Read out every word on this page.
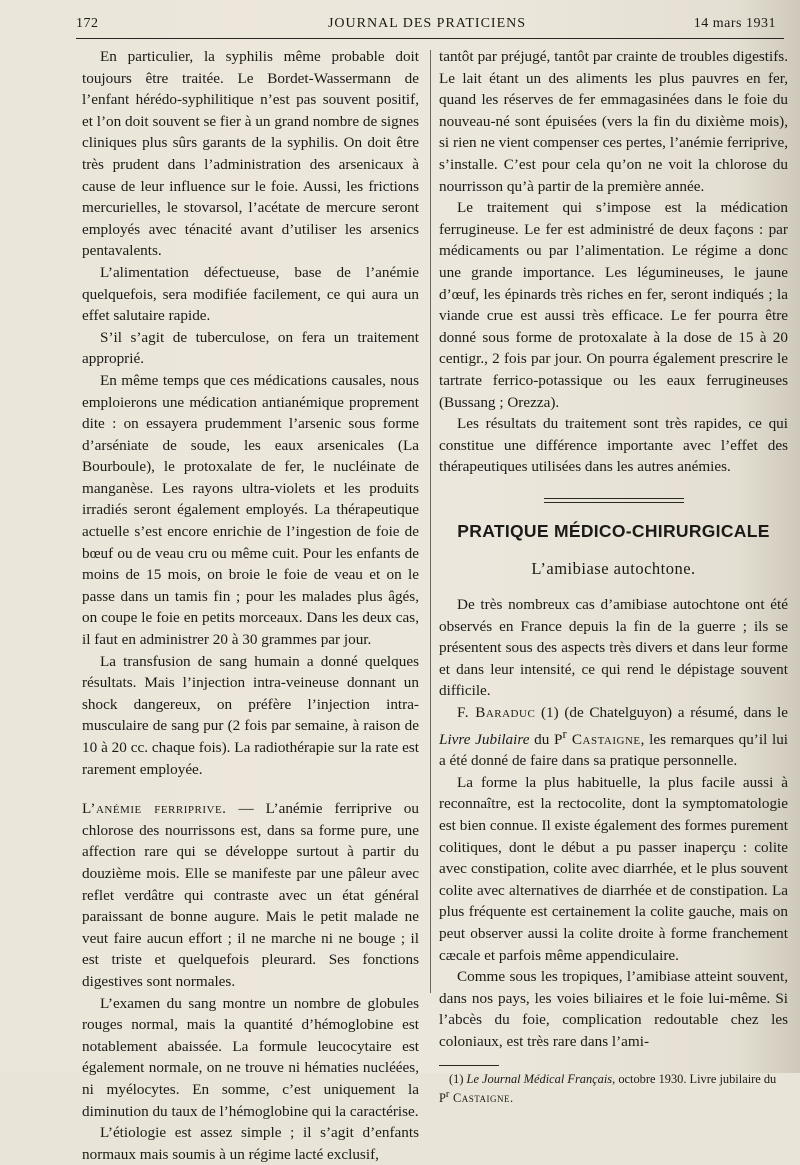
172	JOURNAL DES PRATICIENS	14 mars 1931

En particulier, la syphilis même probable doit toujours être traitée. Le Bordet-Wassermann de l’enfant hérédo-syphilitique n’est pas souvent positif, et l’on doit souvent se fier à un grand nombre de signes cliniques plus sûrs garants de la syphilis. On doit être très prudent dans l’administration des arsenicaux à cause de leur influence sur le foie. Aussi, les frictions mercurielles, le stovarsol, l’acétate de mercure seront employés avec ténacité avant d’utiliser les arsenics pentavalents.

L’alimentation défectueuse, base de l’anémie quelquefois, sera modifiée facilement, ce qui aura un effet salutaire rapide.

S’il s’agit de tuberculose, on fera un traitement approprié.

En même temps que ces médications causales, nous emploierons une médication antianémique proprement dite : on essayera prudemment l’arsenic sous forme d’arséniate de soude, les eaux arsenicales (La Bourboule), le protoxalate de fer, le nucléinate de manganèse. Les rayons ultra-violets et les produits irradiés seront également employés. La thérapeutique actuelle s’est encore enrichie de l’ingestion de foie de bœuf ou de veau cru ou même cuit. Pour les enfants de moins de 15 mois, on broie le foie de veau et on le passe dans un tamis fin ; pour les malades plus âgés, on coupe le foie en petits morceaux. Dans les deux cas, il faut en administrer 20 à 30 grammes par jour.

La transfusion de sang humain a donné quelques résultats. Mais l’injection intra-veineuse donnant un shock dangereux, on préfère l’injection intra-musculaire de sang pur (2 fois par semaine, à raison de 10 à 20 cc. chaque fois). La radiothérapie sur la rate est rarement employée.

L’anémie ferriprive. — L’anémie ferriprive ou chlorose des nourrissons est, dans sa forme pure, une affection rare qui se développe surtout à partir du douzième mois. Elle se manifeste par une pâleur avec reflet verdâtre qui contraste avec un état général paraissant de bonne augure. Mais le petit malade ne veut faire aucun effort ; il ne marche ni ne bouge ; il est triste et quelquefois pleurard. Ses fonctions digestives sont normales.

L’examen du sang montre un nombre de globules rouges normal, mais la quantité d’hémoglobine est notablement abaissée. La formule leucocytaire est également normale, on ne trouve ni hématies nucléées, ni myélocytes. En somme, c’est uniquement la diminution du taux de l’hémoglobine qui la caractérise.

L’étiologie est assez simple ; il s’agit d’enfants normaux mais soumis à un régime lacté exclusif,

tantôt par préjugé, tantôt par crainte de troubles digestifs. Le lait étant un des aliments les plus pauvres en fer, quand les réserves de fer emmagasinées dans le foie du nouveau-né sont épuisées (vers la fin du dixième mois), si rien ne vient compenser ces pertes, l’anémie ferriprive, s’installe. C’est pour cela qu’on ne voit la chlorose du nourrisson qu’à partir de la première année.

Le traitement qui s’impose est la médication ferrugineuse. Le fer est administré de deux façons : par médicaments ou par l’alimentation. Le régime a donc une grande importance. Les légumineuses, le jaune d’œuf, les épinards très riches en fer, seront indiqués ; la viande crue est aussi très efficace. Le fer pourra être donné sous forme de protoxalate à la dose de 15 à 20 centigr., 2 fois par jour. On pourra également prescrire le tartrate ferrico-potassique ou les eaux ferrugineuses (Bussang ; Orezza).

Les résultats du traitement sont très rapides, ce qui constitue une différence importante avec l’effet des thérapeutiques utilisées dans les autres anémies.

PRATIQUE MÉDICO-CHIRURGICALE
L’amibiase autochtone.

De très nombreux cas d’amibiase autochtone ont été observés en France depuis la fin de la guerre ; ils se présentent sous des aspects très divers et dans leur forme et dans leur intensité, ce qui rend le dépistage souvent difficile.

F. Baraduc (1) (de Chatelguyon) a résumé, dans le Livre Jubilaire du $P^r$ Castaigne, les remarques qu’il lui a été donné de faire dans sa pratique personnelle.

La forme la plus habituelle, la plus facile aussi à reconnaître, est la rectocolite, dont la symptomatologie est bien connue. Il existe également des formes purement colitiques, dont le début a pu passer inaperçu : colite avec constipation, colite avec diarrhée, et le plus souvent colite avec alternatives de diarrhée et de constipation. La plus fréquente est certainement la colite gauche, mais on peut observer aussi la colite droite à forme franchement cæcale et parfois même appendiculaire.

Comme sous les tropiques, l’amibiase atteint souvent, dans nos pays, les voies biliaires et le foie lui-même. Si l’abcès du foie, complication redoutable chez les coloniaux, est très rare dans l’ami-

(1) Le Journal Médical Français, octobre 1930. Livre jubilaire du $P^r$ Castaigne.
